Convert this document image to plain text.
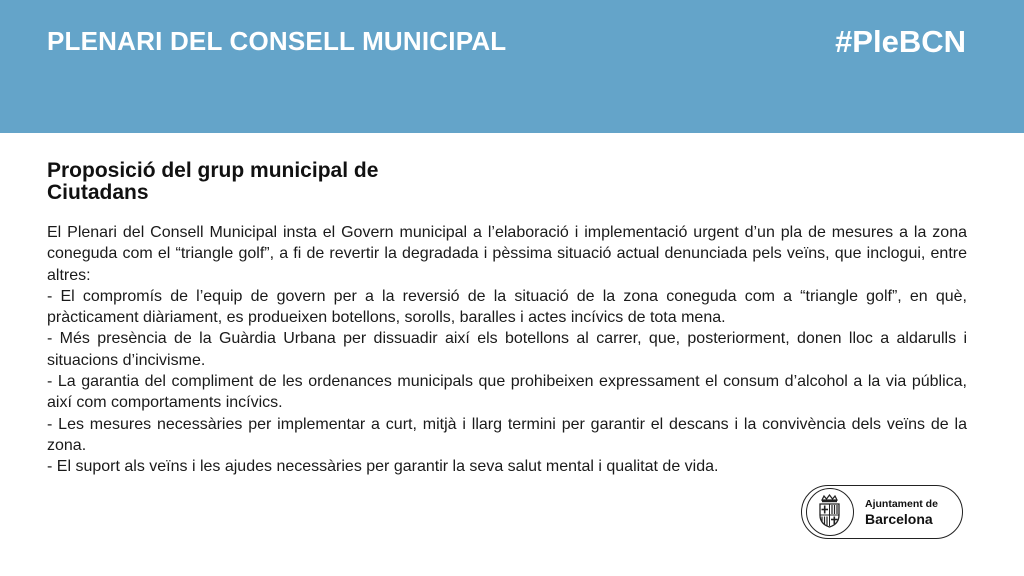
PLENARI DEL CONSELL MUNICIPAL	#PleBCN
Proposició del grup municipal de Ciutadans

El Plenari del Consell Municipal insta el Govern municipal a l’elaboració i implementació urgent d’un pla de mesures a la zona coneguda com el “triangle golf”, a fi de revertir la degradada i pèssima situació actual denunciada pels veïns, que inclogui, entre altres:

- El compromís de l’equip de govern per a la reversió de la situació de la zona coneguda com a “triangle golf”, en què, pràcticament diàriament, es produeixen botellons, sorolls, baralles i actes incívics de tota mena.

- Més presència de la Guàrdia Urbana per dissuadir així els botellons al carrer, que, posteriorment, donen lloc a aldarulls i situacions d’incivisme.

- La garantia del compliment de les ordenances municipals que prohibeixen expressament el consum d’alcohol a la via pública, així com comportaments incívics.

- Les mesures necessàries per implementar a curt, mitjà i llarg termini per garantir el descans i la convivència dels veïns de la zona.

- El suport als veïns i les ajudes necessàries per garantir la seva salut mental i qualitat de vida.

Ajuntament de
Barcelona
